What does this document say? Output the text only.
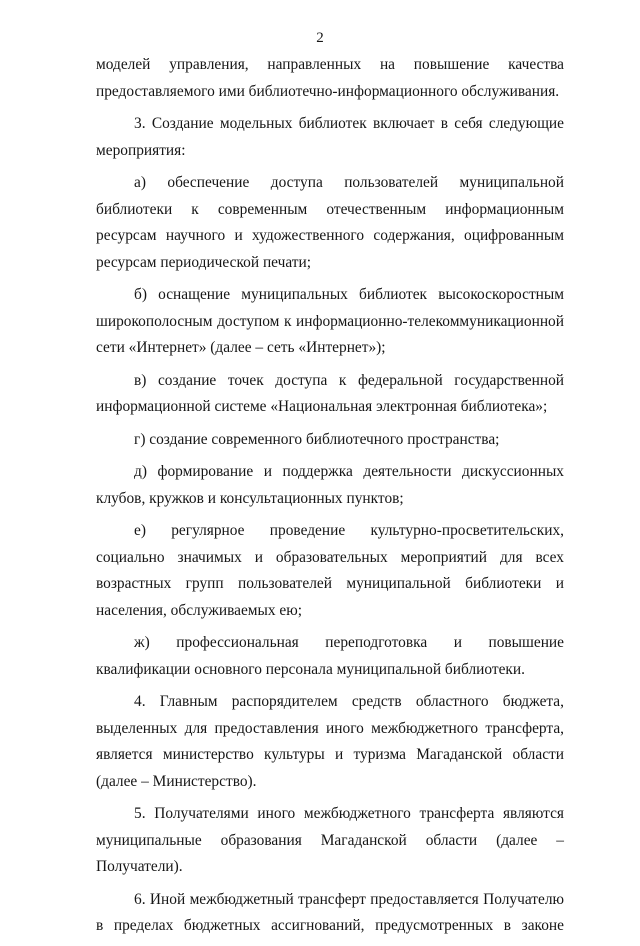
2

моделей управления, направленных на повышение качества предоставляемого ими библиотечно-информационного обслуживания.

3. Создание модельных библиотек включает в себя следующие мероприятия:

а) обеспечение доступа пользователей муниципальной библиотеки к современным отечественным информационным ресурсам научного и художественного содержания, оцифрованным ресурсам периодической печати;

б) оснащение муниципальных библиотек высокоскоростным широкополосным доступом к информационно-телекоммуникационной сети «Интернет» (далее – сеть «Интернет»);

в) создание точек доступа к федеральной государственной информационной системе «Национальная электронная библиотека»;

г) создание современного библиотечного пространства;

д) формирование и поддержка деятельности дискуссионных клубов, кружков и консультационных пунктов;

е) регулярное проведение культурно-просветительских, социально значимых и образовательных мероприятий для всех возрастных групп пользователей муниципальной библиотеки и населения, обслуживаемых ею;

ж) профессиональная переподготовка и повышение квалификации основного персонала муниципальной библиотеки.

4. Главным распорядителем средств областного бюджета, выделенных для предоставления иного межбюджетного трансферта, является министерство культуры и туризма Магаданской области (далее – Министерство).

5. Получателями иного межбюджетного трансферта являются муниципальные образования Магаданской области (далее – Получатели).

6. Иной межбюджетный трансферт предоставляется Получателю в пределах бюджетных ассигнований, предусмотренных в законе
